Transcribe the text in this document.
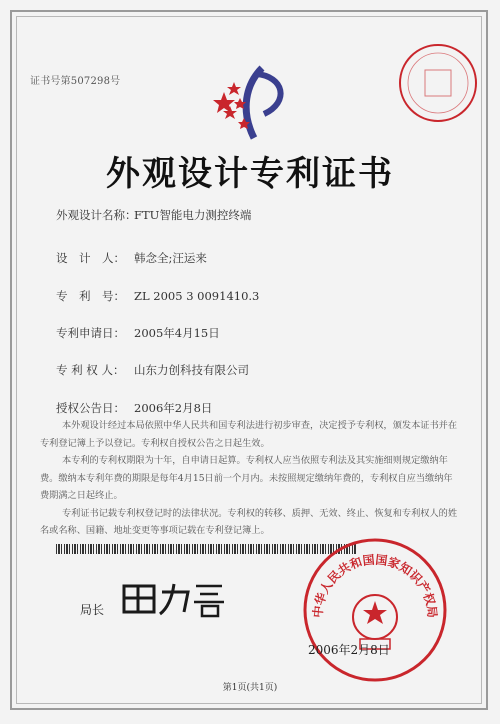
证书号第507298号
外观设计专利证书
外观设计名称：FTU智能电力测控终端
设　计　人： 韩念全;汪运来
专　利　号： ZL 2005 3 0091410.3
专利申请日： 2005年4月15日
专 利 权 人： 山东力创科技有限公司
授权公告日： 2006年2月8日

本外观设计经过本局依照中华人民共和国专利法进行初步审查，决定授予专利权，颁发本证书并在专利登记簿上予以登记。专利权自授权公告之日起生效。

本专利的专利权期限为十年，自申请日起算。专利权人应当依照专利法及其实施细则规定缴纳年费。缴纳本专利年费的期限是每年4月15日前一个月内。未按照规定缴纳年费的，专利权自应当缴纳年费期满之日起终止。

专利证书记载专利权登记时的法律状况。专利权的转移、质押、无效、终止、恢复和专利权人的姓名或名称、国籍、地址变更等事项记载在专利登记簿上。

局长	中华人民共和国国家知识产权局
2006年2月8日
第1页(共1页)
